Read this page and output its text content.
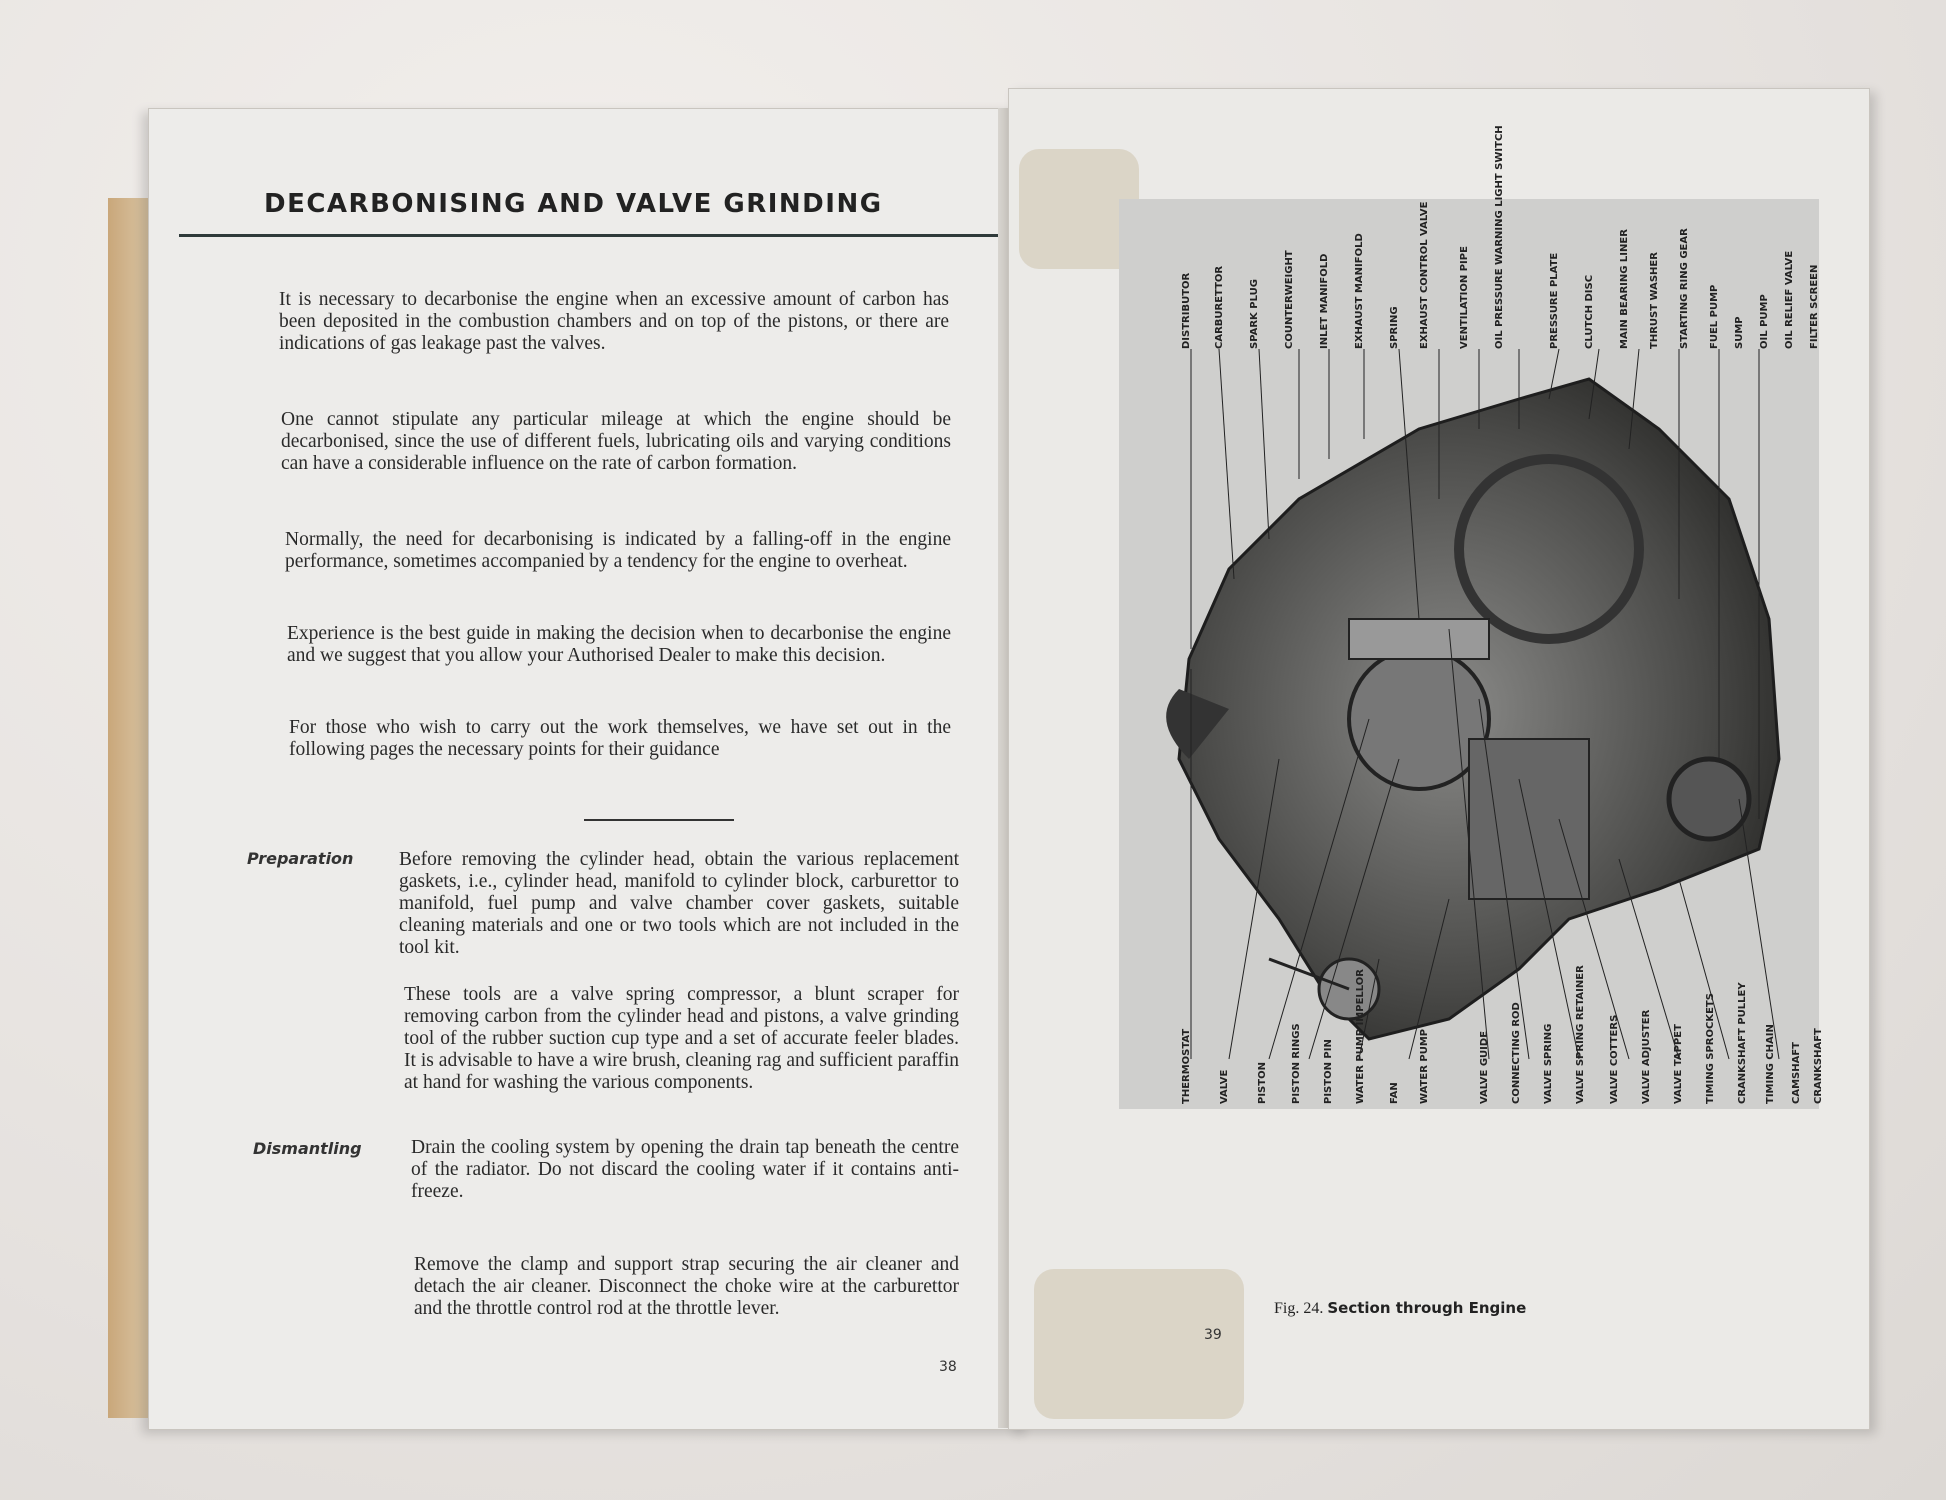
DECARBONISING AND VALVE GRINDING
It is necessary to decarbonise the engine when an excessive amount of carbon has been deposited in the combustion chambers and on top of the pistons, or there are indications of gas leakage past the valves.
One cannot stipulate any particular mileage at which the engine should be decarbonised, since the use of different fuels, lubricating oils and varying conditions can have a considerable influence on the rate of carbon formation.
Normally, the need for decarbonising is indicated by a falling-off in the engine performance, sometimes accompanied by a tendency for the engine to overheat.
Experience is the best guide in making the decision when to decarbonise the engine and we suggest that you allow your Authorised Dealer to make this decision.
For those who wish to carry out the work themselves, we have set out in the following pages the necessary points for their guidance
Preparation Before removing the cylinder head, obtain the various replacement gaskets, i.e., cylinder head, manifold to cylinder block, carburettor to manifold, fuel pump and valve chamber cover gaskets, suitable cleaning materials and one or two tools which are not included in the tool kit.
These tools are a valve spring compressor, a blunt scraper for removing carbon from the cylinder head and pistons, a valve grinding tool of the rubber suction cup type and a set of accurate feeler blades. It is advisable to have a wire brush, cleaning rag and sufficient paraffin at hand for washing the various components.
Dismantling	Drain the cooling system by opening the drain tap beneath the centre of the radiator. Do not discard the cooling water if it contains anti-freeze.
Remove the clamp and support strap securing the air cleaner and detach the air cleaner. Disconnect the choke wire at the carburettor and the throttle control rod at the throttle lever.
38
DISTRIBUTOR CARBURETTOR SPARK PLUG COUNTERWEIGHT INLET MANIFOLD EXHAUST MANIFOLD SPRING EXHAUST CONTROL VALVE	VENTILATION PIPE OIL PRESSURE WARNING LIGHT SWITCH	PRESSURE PLATE CLUTCH DISC MAIN BEARING LINER THRUST WASHER STARTING RING GEAR FUEL PUMP SUMP OIL PUMP OIL RELIEF VALVE FILTER SCREEN
THERMOSTAT	VALVE	PISTON PISTON RINGS PISTON PIN WATER PUMP IMPELLOR FAN WATER PUMP	VALVE GUIDE CONNECTING ROD VALVE SPRING VALVE SPRING RETAINER VALVE COTTERS VALVE ADJUSTER VALVE TAPPET TIMING SPROCKETS CRANKSHAFT PULLEY TIMING CHAIN CAMSHAFT CRANKSHAFT
Fig. 24. Section through Engine
39
